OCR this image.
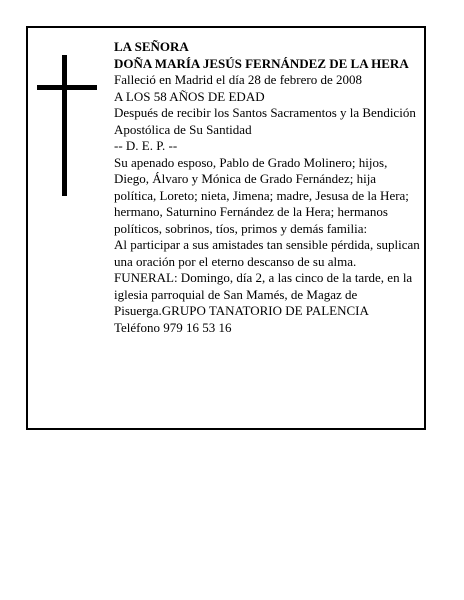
LA SEÑORA

DOÑA MARÍA JESÚS FERNÁNDEZ DE LA HERA

Falleció en Madrid el día 28 de febrero de 2008

A LOS 58 AÑOS DE EDAD

Después de recibir los Santos Sacramentos y la Bendición Apostólica de Su Santidad

-- D. E. P. --

Su apenado esposo, Pablo de Grado Molinero; hijos, Diego, Álvaro y Mónica de Grado Fernández; hija política, Loreto; nieta, Jimena; madre, Jesusa de la Hera; hermano, Saturnino Fernández de la Hera; hermanos políticos, sobrinos, tíos, primos y demás familia:

Al participar a sus amistades tan sensible pérdida, suplican una oración por el eterno descanso de su alma.

FUNERAL: Domingo, día 2, a las cinco de la tarde, en la iglesia parroquial de San Mamés, de Magaz de Pisuerga.GRUPO TANATORIO DE PALENCIA

Teléfono 979 16 53 16
